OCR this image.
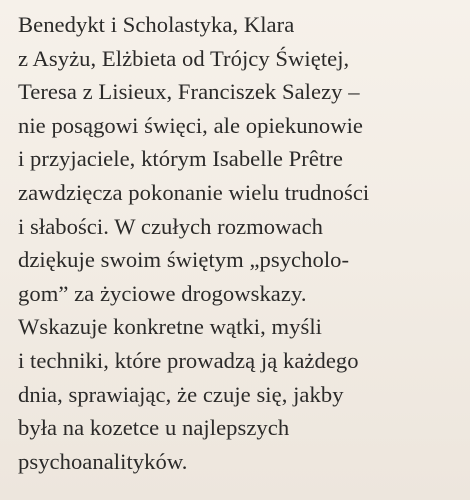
Benedykt i Scholastyka, Klara
z Asyżu, Elżbieta od Trójcy Świętej,
Teresa z Lisieux, Franciszek Salezy –
nie posągowi święci, ale opiekunowie
i przyjaciele, którym Isabelle Prêtre
zawdzięcza pokonanie wielu trudności
i słabości. W czułych rozmowach
dziękuje swoim świętym „psycholo-
gom” za życiowe drogowskazy.
Wskazuje konkretne wątki, myśli
i techniki, które prowadzą ją każdego
dnia, sprawiając, że czuje się, jakby
była na kozetce u najlepszych
psychoanalityków.
